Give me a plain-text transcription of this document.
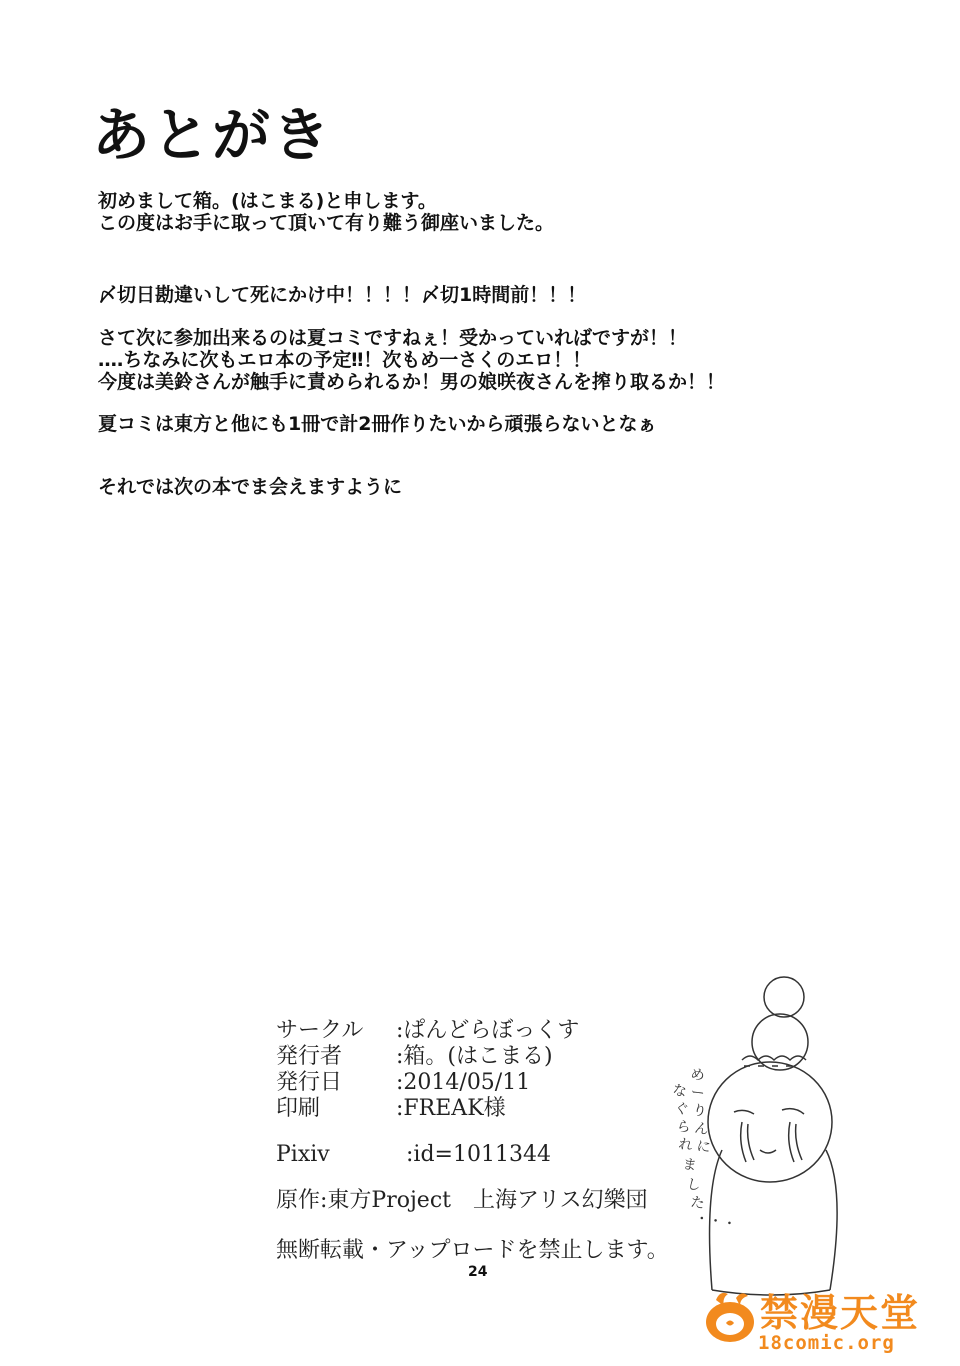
あとがき
初めまして箱。(はこまる)と申します。
この度はお手に取って頂いて有り難う御座いました。
〆切日勘違いして死にかけ中！！！！〆切1時間前！！！
さて次に参加出来るのは夏コミですねぇ！受かっていればですが！！
‥‥ちなみに次もエロ本の予定‼！次もめ一さくのエロ！！
今度は美鈴さんが触手に責められるか！男の娘咲夜さんを搾り取るか！！
夏コミは東方と他にも1冊で計2冊作りたいから頑張らないとなぁ
それでは次の本でま会えますように
サークル :ぱんどらぼっくす
発行者 :箱。(はこまる)
発行日 :2014/05/11
印刷	:FREAK様
Pixiv	:id=1011344
原作:東方Project　上海アリス幻樂団
無断転載・アップロードを禁止します。
24
め
ー
り
ん
に
な
ぐ
ら
れ
ま
し
た
・・・
禁漫天堂
18comic.org
